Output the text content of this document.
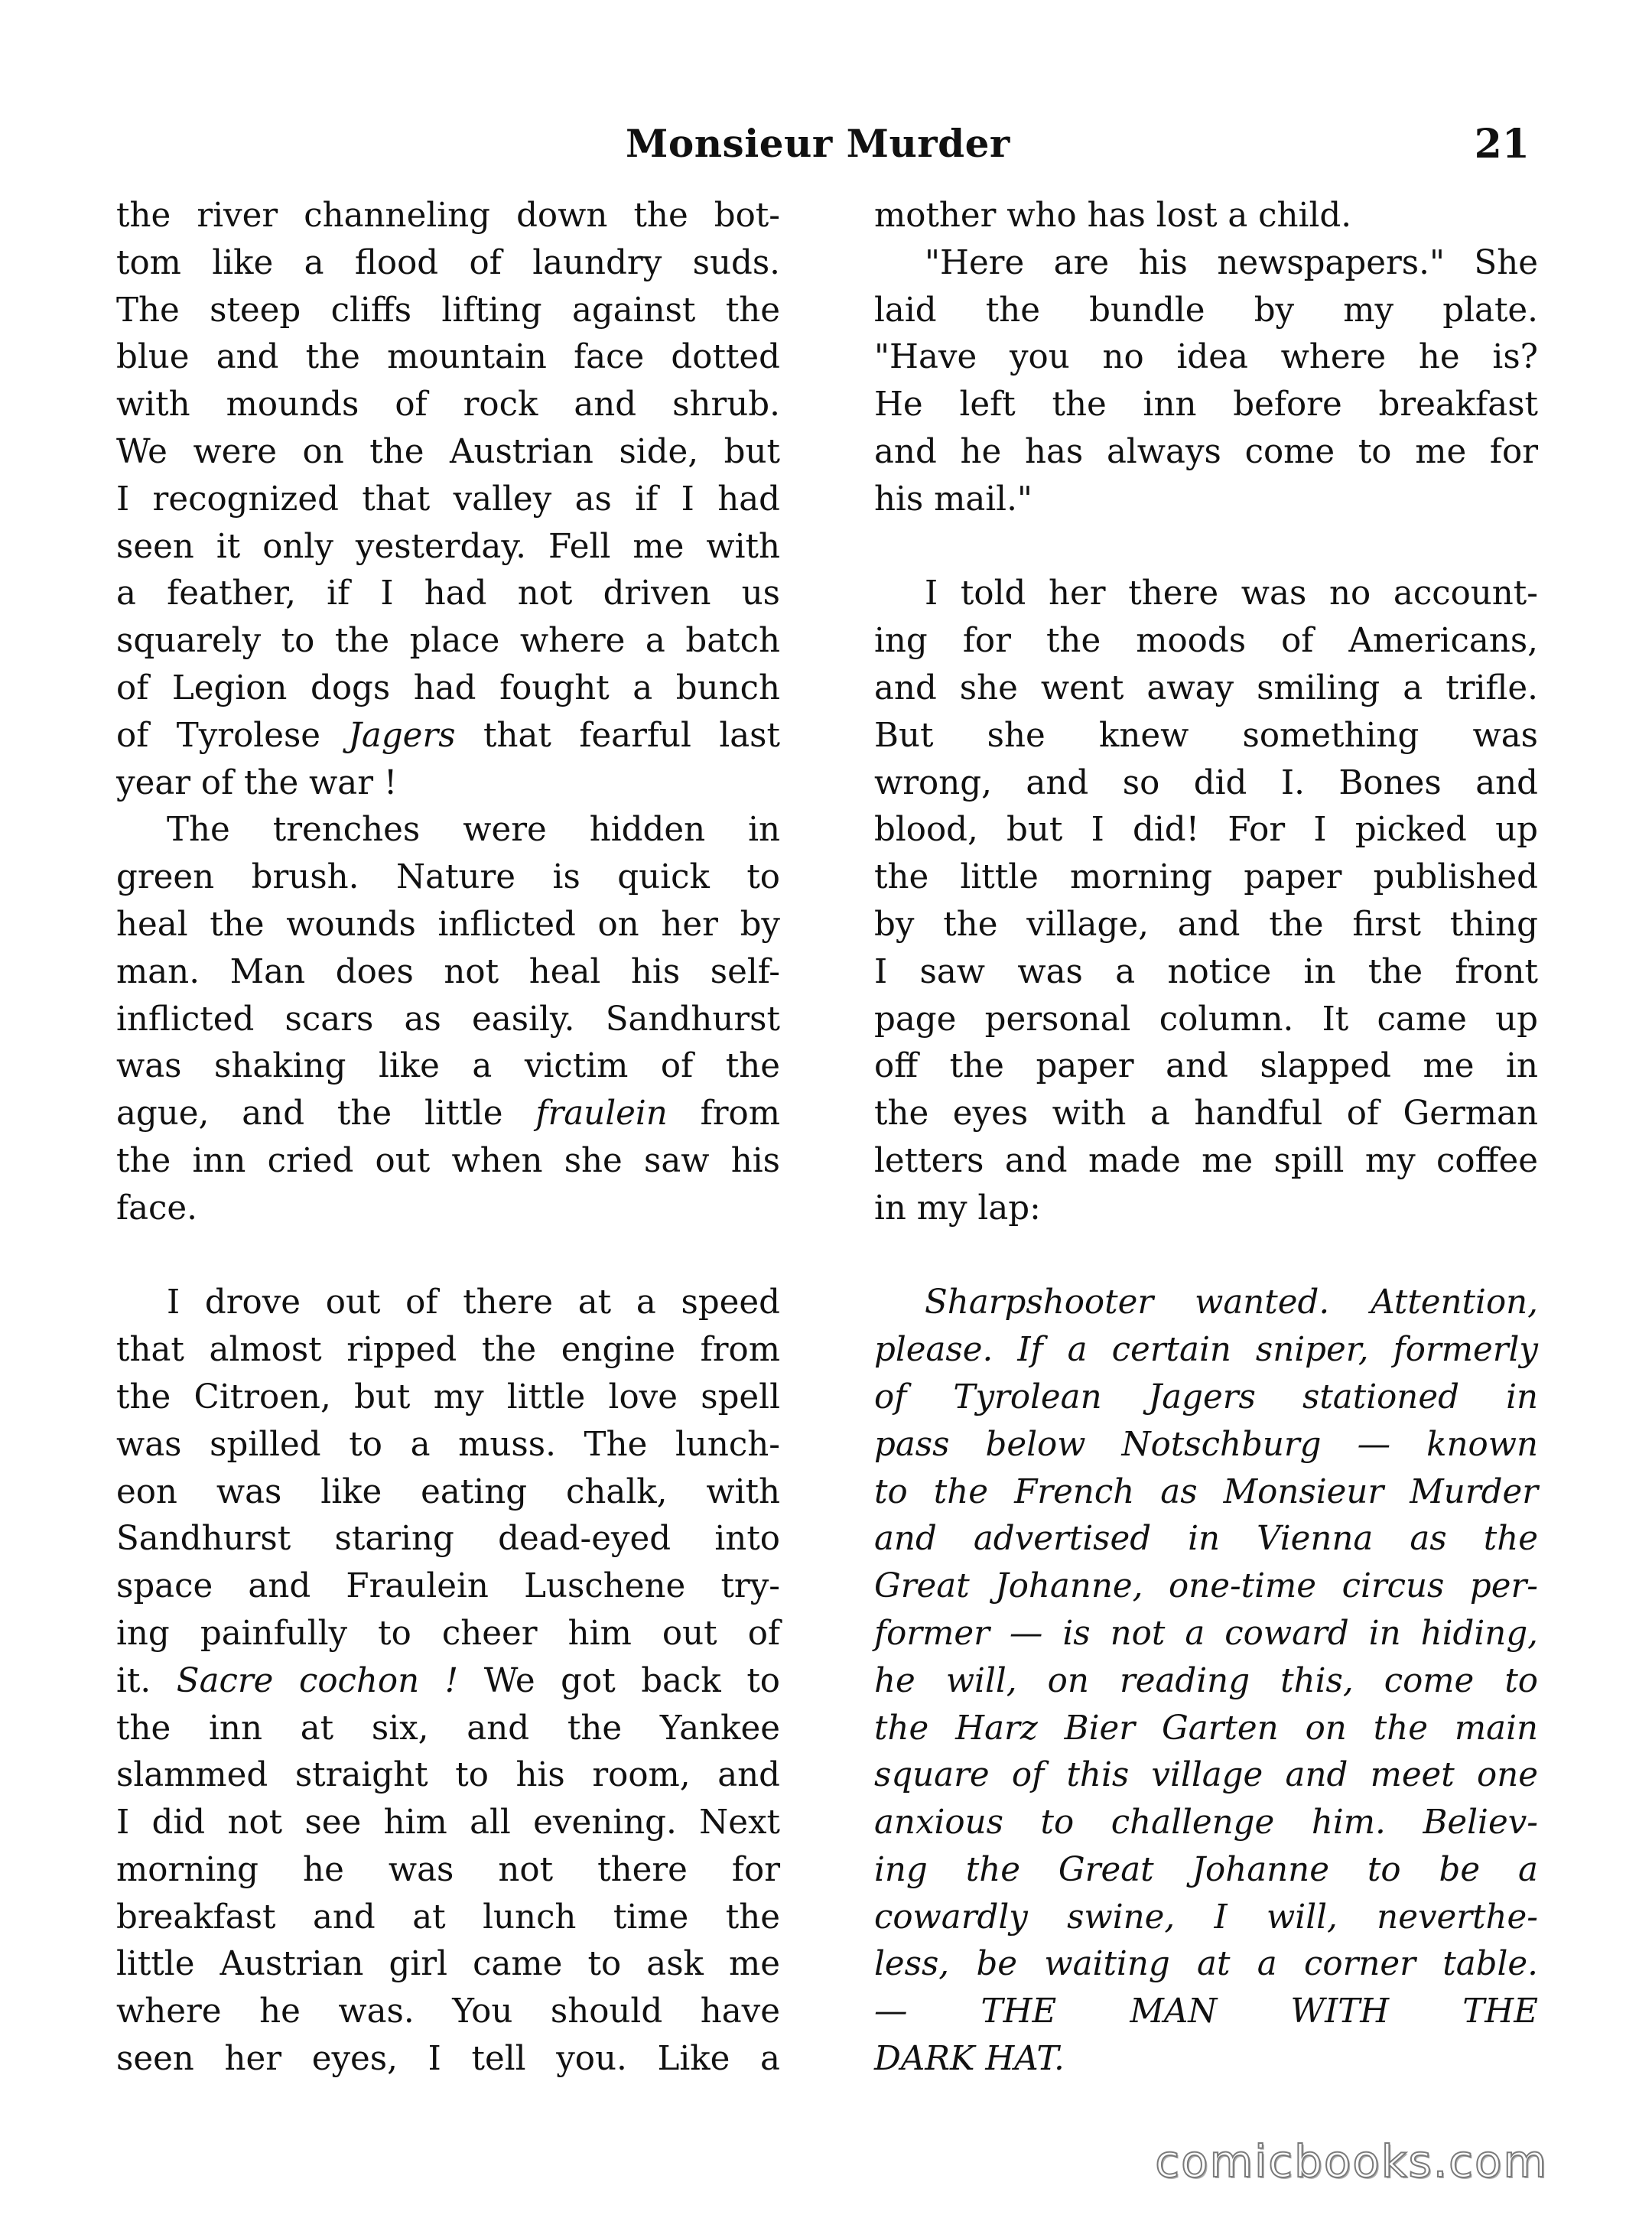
Monsieur Murder	21
the river channeling down the bot-
tom like a flood of laundry suds.
The steep cliffs lifting against the
blue and the mountain face dotted
with mounds of rock and shrub.
We were on the Austrian side, but
I recognized that valley as if I had
seen it only yesterday. Fell me with
a feather, if I had not driven us
squarely to the place where a batch
of Legion dogs had fought a bunch
of Tyrolese Jagers that fearful last
year of the war !
The trenches were hidden in
green brush. Nature is quick to
heal the wounds inflicted on her by
man. Man does not heal his self-
inflicted scars as easily. Sandhurst
was shaking like a victim of the
ague, and the little fraulein from
the inn cried out when she saw his
face.
I drove out of there at a speed
that almost ripped the engine from
the Citroen, but my little love spell
was spilled to a muss. The lunch-
eon was like eating chalk, with
Sandhurst staring dead-eyed into
space and Fraulein Luschene try-
ing painfully to cheer him out of
it. Sacre cochon ! We got back to
the inn at six, and the Yankee
slammed straight to his room, and
I did not see him all evening. Next
morning he was not there for
breakfast and at lunch time the
little Austrian girl came to ask me
where he was. You should have
seen her eyes, I tell you. Like a
mother who has lost a child.
"Here are his newspapers." She
laid the bundle by my plate.
"Have you no idea where he is?
He left the inn before breakfast
and he has always come to me for
his mail."
I told her there was no account-
ing for the moods of Americans,
and she went away smiling a trifle.
But she knew something was
wrong, and so did I. Bones and
blood, but I did! For I picked up
the little morning paper published
by the village, and the first thing
I saw was a notice in the front
page personal column. It came up
off the paper and slapped me in
the eyes with a handful of German
letters and made me spill my coffee
in my lap:
Sharpshooter wanted. Attention,
please. If a certain sniper, formerly
of Tyrolean Jagers stationed in
pass below Notschburg — known
to the French as Monsieur Murder
and advertised in Vienna as the
Great Johanne, one-time circus per-
former — is not a coward in hiding,
he will, on reading this, come to
the Harz Bier Garten on the main
square of this village and meet one
anxious to challenge him. Believ-
ing the Great Johanne to be a
cowardly swine, I will, neverthe-
less, be waiting at a corner table.
— THE MAN WITH THE
DARK HAT.
comicbooks.com
